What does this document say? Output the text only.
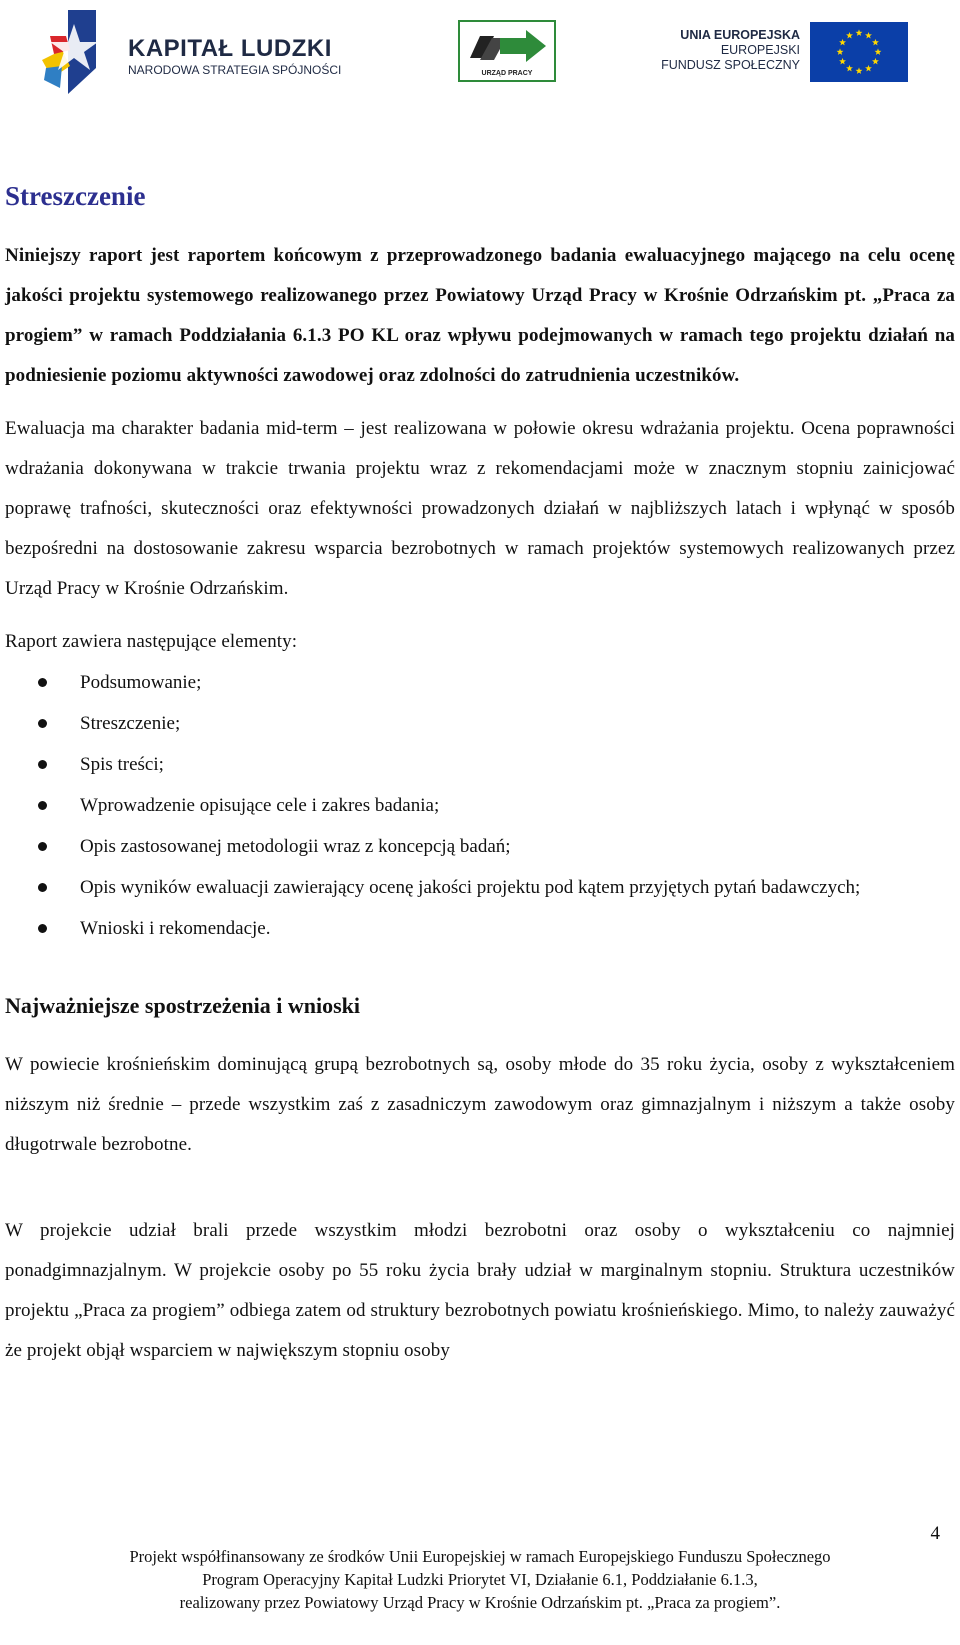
KAPITAŁ LUDZKI
NARODOWA STRATEGIA SPÓJNOŚCI	URZĄD PRACY
UNIA EUROPEJSKA
EUROPEJSKI
FUNDUSZ SPOŁECZNY
Streszczenie

Niniejszy raport jest raportem końcowym z przeprowadzonego badania ewaluacyjnego mającego na celu ocenę jakości projektu systemowego realizowanego przez Powiatowy Urząd Pracy w Krośnie Odrzańskim pt. „Praca za progiem” w ramach Poddziałania 6.1.3 PO KL oraz wpływu podejmowanych w ramach tego projektu działań na podniesienie poziomu aktywności zawodowej oraz zdolności do zatrudnienia uczestników.

Ewaluacja ma charakter badania mid-term – jest realizowana w połowie okresu wdrażania projektu. Ocena poprawności wdrażania dokonywana w trakcie trwania projektu wraz z rekomendacjami może w znacznym stopniu zainicjować poprawę trafności, skuteczności oraz efektywności prowadzonych działań w najbliższych latach i wpłynąć w sposób bezpośredni na dostosowanie zakresu wsparcia bezrobotnych w ramach projektów systemowych realizowanych przez Urząd Pracy w Krośnie Odrzańskim.

Raport zawiera następujące elementy:

Podsumowanie;
Streszczenie;
Spis treści;
Wprowadzenie opisujące cele i zakres badania;
Opis zastosowanej metodologii wraz z koncepcją badań;
Opis wyników ewaluacji zawierający ocenę jakości projektu pod kątem przyjętych pytań badawczych;
Wnioski i rekomendacje.
Najważniejsze spostrzeżenia i wnioski

W powiecie krośnieńskim dominującą grupą bezrobotnych są, osoby młode do 35 roku życia, osoby z wykształceniem niższym niż średnie – przede wszystkim zaś z zasadniczym zawodowym oraz gimnazjalnym i niższym a także osoby długotrwale bezrobotne.

W projekcie udział brali przede wszystkim młodzi bezrobotni oraz osoby o wykształceniu co najmniej ponadgimnazjalnym. W projekcie osoby po 55 roku życia brały udział w marginalnym stopniu. Struktura uczestników projektu „Praca za progiem” odbiega zatem od struktury bezrobotnych powiatu krośnieńskiego. Mimo, to należy zauważyć że projekt objął wsparciem w największym stopniu osoby

4
Projekt współfinansowany ze środków Unii Europejskiej w ramach Europejskiego Funduszu Społecznego
Program Operacyjny Kapitał Ludzki Priorytet VI, Działanie 6.1, Poddziałanie 6.1.3,
realizowany przez Powiatowy Urząd Pracy w Krośnie Odrzańskim pt. „Praca za progiem”.
